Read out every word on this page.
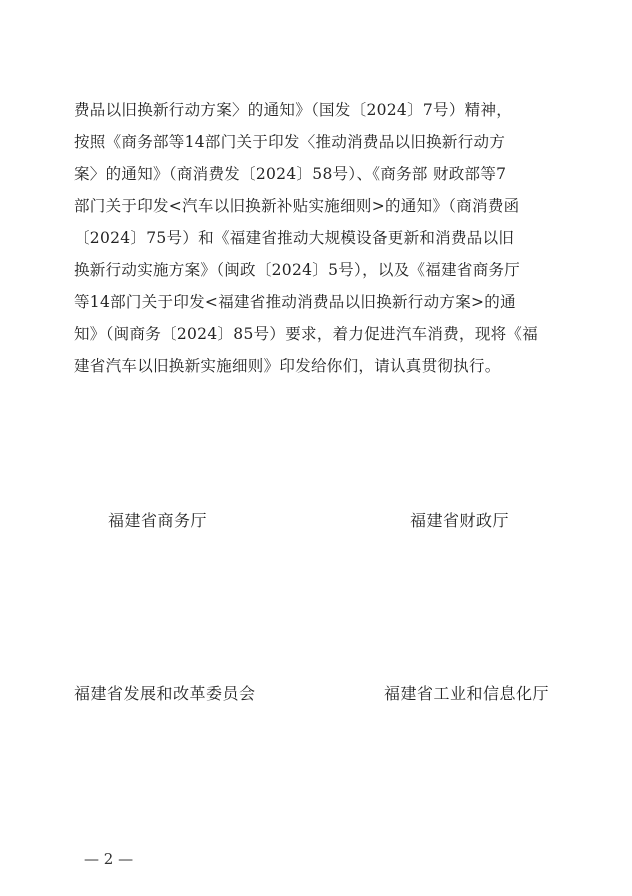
费品以旧换新行动方案〉的通知》（国发〔2024〕7号）精神，
按照《商务部等14部门关于印发〈推动消费品以旧换新行动方
案〉的通知》（商消费发〔2024〕58号）、《商务部 财政部等7
部门关于印发<汽车以旧换新补贴实施细则>的通知》（商消费函
〔2024〕75号）和《福建省推动大规模设备更新和消费品以旧
换新行动实施方案》（闽政〔2024〕5号），以及《福建省商务厅
等14部门关于印发<福建省推动消费品以旧换新行动方案>的通
知》（闽商务〔2024〕85号）要求，着力促进汽车消费，现将《福
建省汽车以旧换新实施细则》印发给你们，请认真贯彻执行。
福建省商务厅	福建省财政厅
福建省发展和改革委员会	福建省工业和信息化厅
— 2 —
